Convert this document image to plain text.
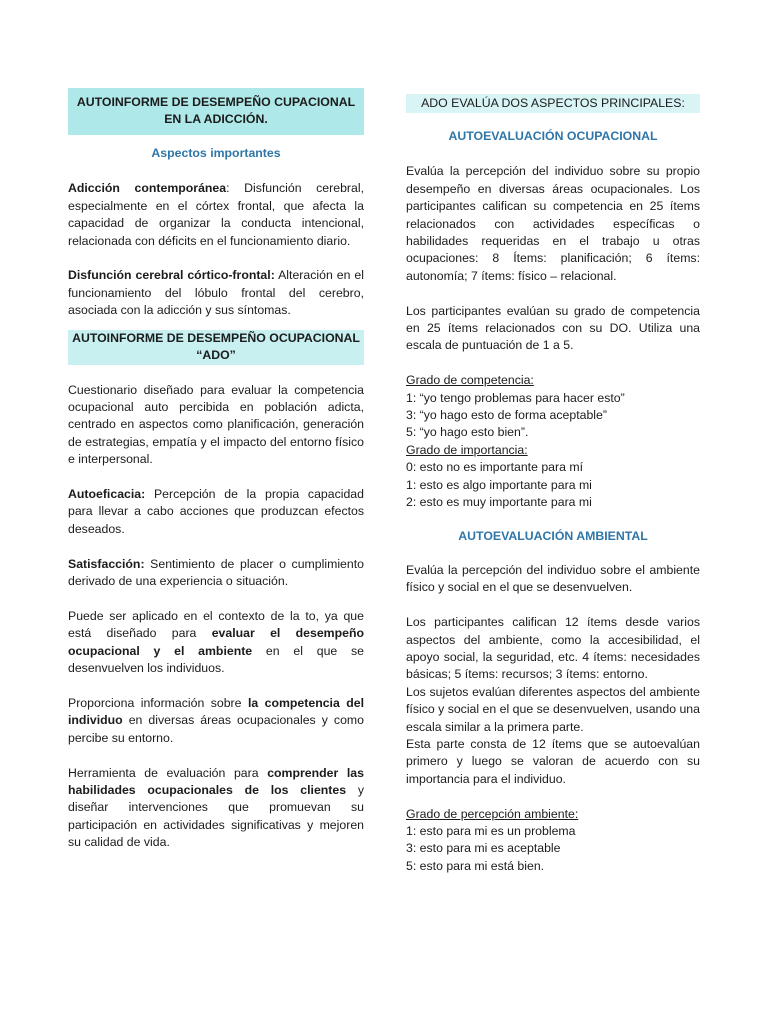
AUTOINFORME DE DESEMPEÑO CUPACIONAL EN LA ADICCIÓN.

Aspectos importantes

Adicción contemporánea: Disfunción cerebral, especialmente en el córtex frontal, que afecta la capacidad de organizar la conducta intencional, relacionada con déficits en el funcionamiento diario.

Disfunción cerebral córtico-frontal: Alteración en el funcionamiento del lóbulo frontal del cerebro, asociada con la adicción y sus síntomas.

AUTOINFORME DE DESEMPEÑO OCUPACIONAL “ADO”

Cuestionario diseñado para evaluar la competencia ocupacional auto percibida en población adicta, centrado en aspectos como planificación, generación de estrategias, empatía y el impacto del entorno físico e interpersonal.

Autoeficacia: Percepción de la propia capacidad para llevar a cabo acciones que produzcan efectos deseados.

Satisfacción: Sentimiento de placer o cumplimiento derivado de una experiencia o situación.

Puede ser aplicado en el contexto de la to, ya que está diseñado para evaluar el desempeño ocupacional y el ambiente en el que se desenvuelven los individuos.

Proporciona información sobre la competencia del individuo en diversas áreas ocupacionales y como percibe su entorno.

Herramienta de evaluación para comprender las habilidades ocupacionales de los clientes y diseñar intervenciones que promuevan su participación en actividades significativas y mejoren su calidad de vida.

ADO EVALÚA DOS ASPECTOS PRINCIPALES:

AUTOEVALUACIÓN OCUPACIONAL

Evalúa la percepción del individuo sobre su propio desempeño en diversas áreas ocupacionales. Los participantes califican su competencia en 25 ítems relacionados con actividades específicas o habilidades requeridas en el trabajo u otras ocupaciones: 8 Ítems: planificación; 6 ítems: autonomía; 7 ítems: físico – relacional.

Los participantes evalúan su grado de competencia en 25 ítems relacionados con su DO. Utiliza una escala de puntuación de 1 a 5.

Grado de competencia:

1: “yo tengo problemas para hacer esto”

3: “yo hago esto de forma aceptable”

5: “yo hago esto bien”.

Grado de importancia:

0: esto no es importante para mí

1: esto es algo importante para mi

2: esto es muy importante para mi

AUTOEVALUACIÓN AMBIENTAL

Evalúa la percepción del individuo sobre el ambiente físico y social en el que se desenvuelven.

Los participantes califican 12 ítems desde varios aspectos del ambiente, como la accesibilidad, el apoyo social, la seguridad, etc. 4 ítems: necesidades básicas; 5 ítems: recursos; 3 ítems: entorno.

Los sujetos evalúan diferentes aspectos del ambiente físico y social en el que se desenvuelven, usando una escala similar a la primera parte.

Esta parte consta de 12 ítems que se autoevalúan primero y luego se valoran de acuerdo con su importancia para el individuo.

Grado de percepción ambiente:

1: esto para mi es un problema

3: esto para mi es aceptable

5: esto para mi está bien.
